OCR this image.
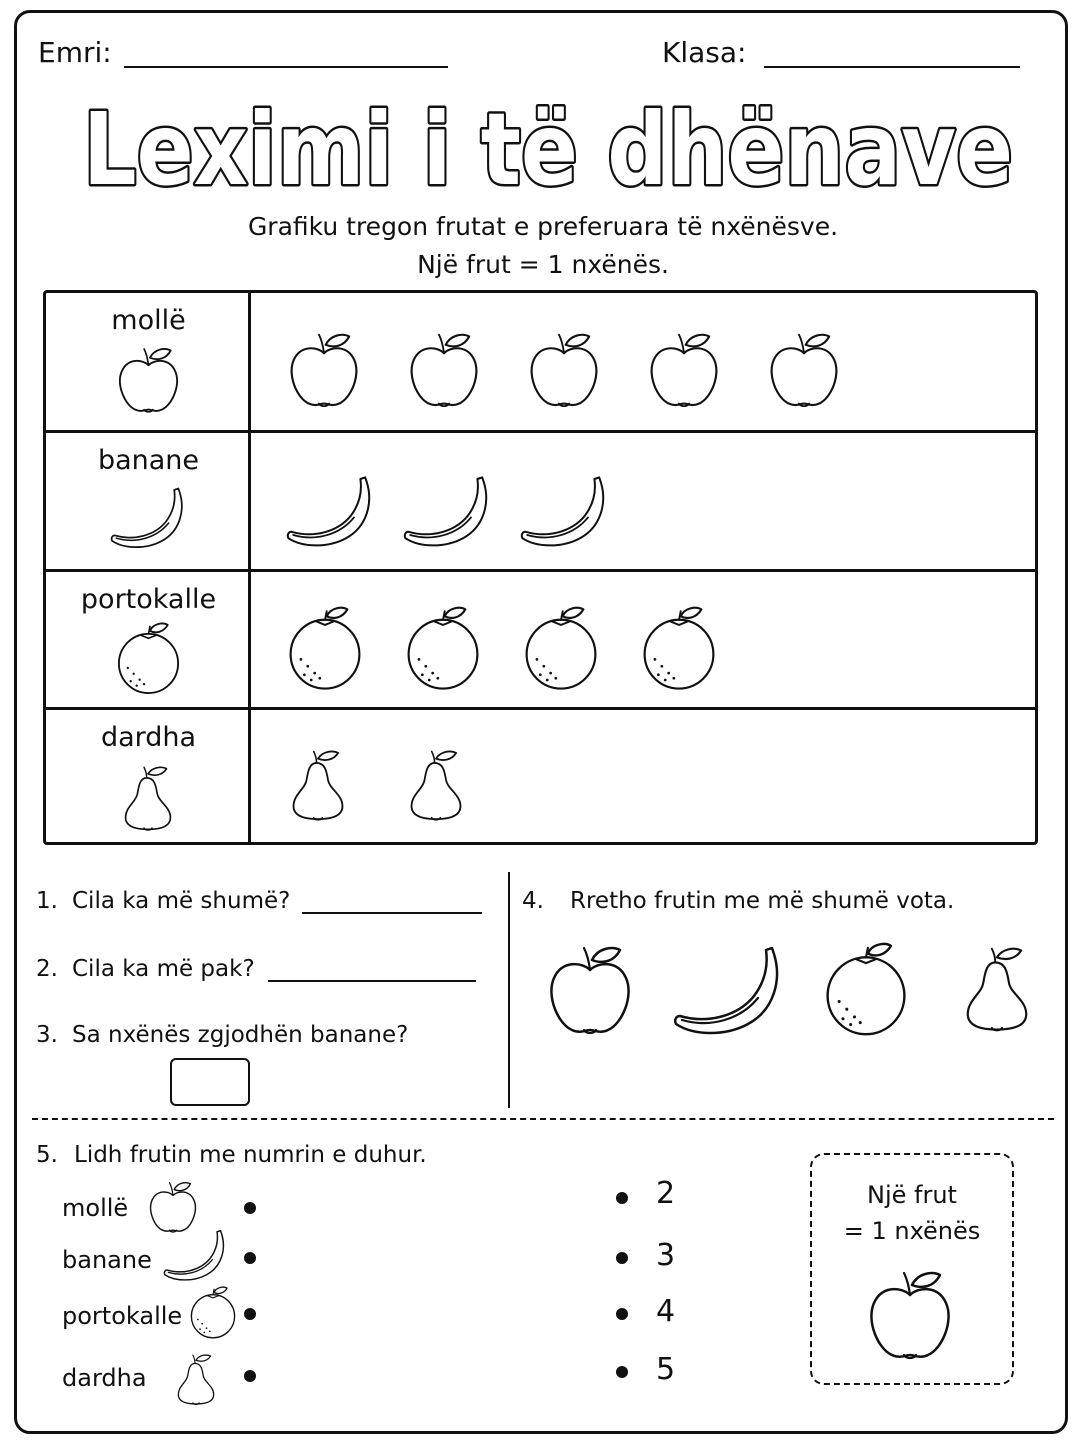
Emri:	Klasa:
Leximi i të dhënave
Grafiku tregon frutat e preferuara të nxënësve.
Një frut = 1 nxënës.
mollë
banane
portokalle
dardha
1. Cila ka më shumë?
2. Cila ka më pak?
3. Sa nxënës zgjodhën banane?
4. Rretho frutin me më shumë vota.
5. Lidh frutin me numrin e duhur.
mollë
banane
portokalle
dardha
2
3
4
5
Një frut
= 1 nxënës
